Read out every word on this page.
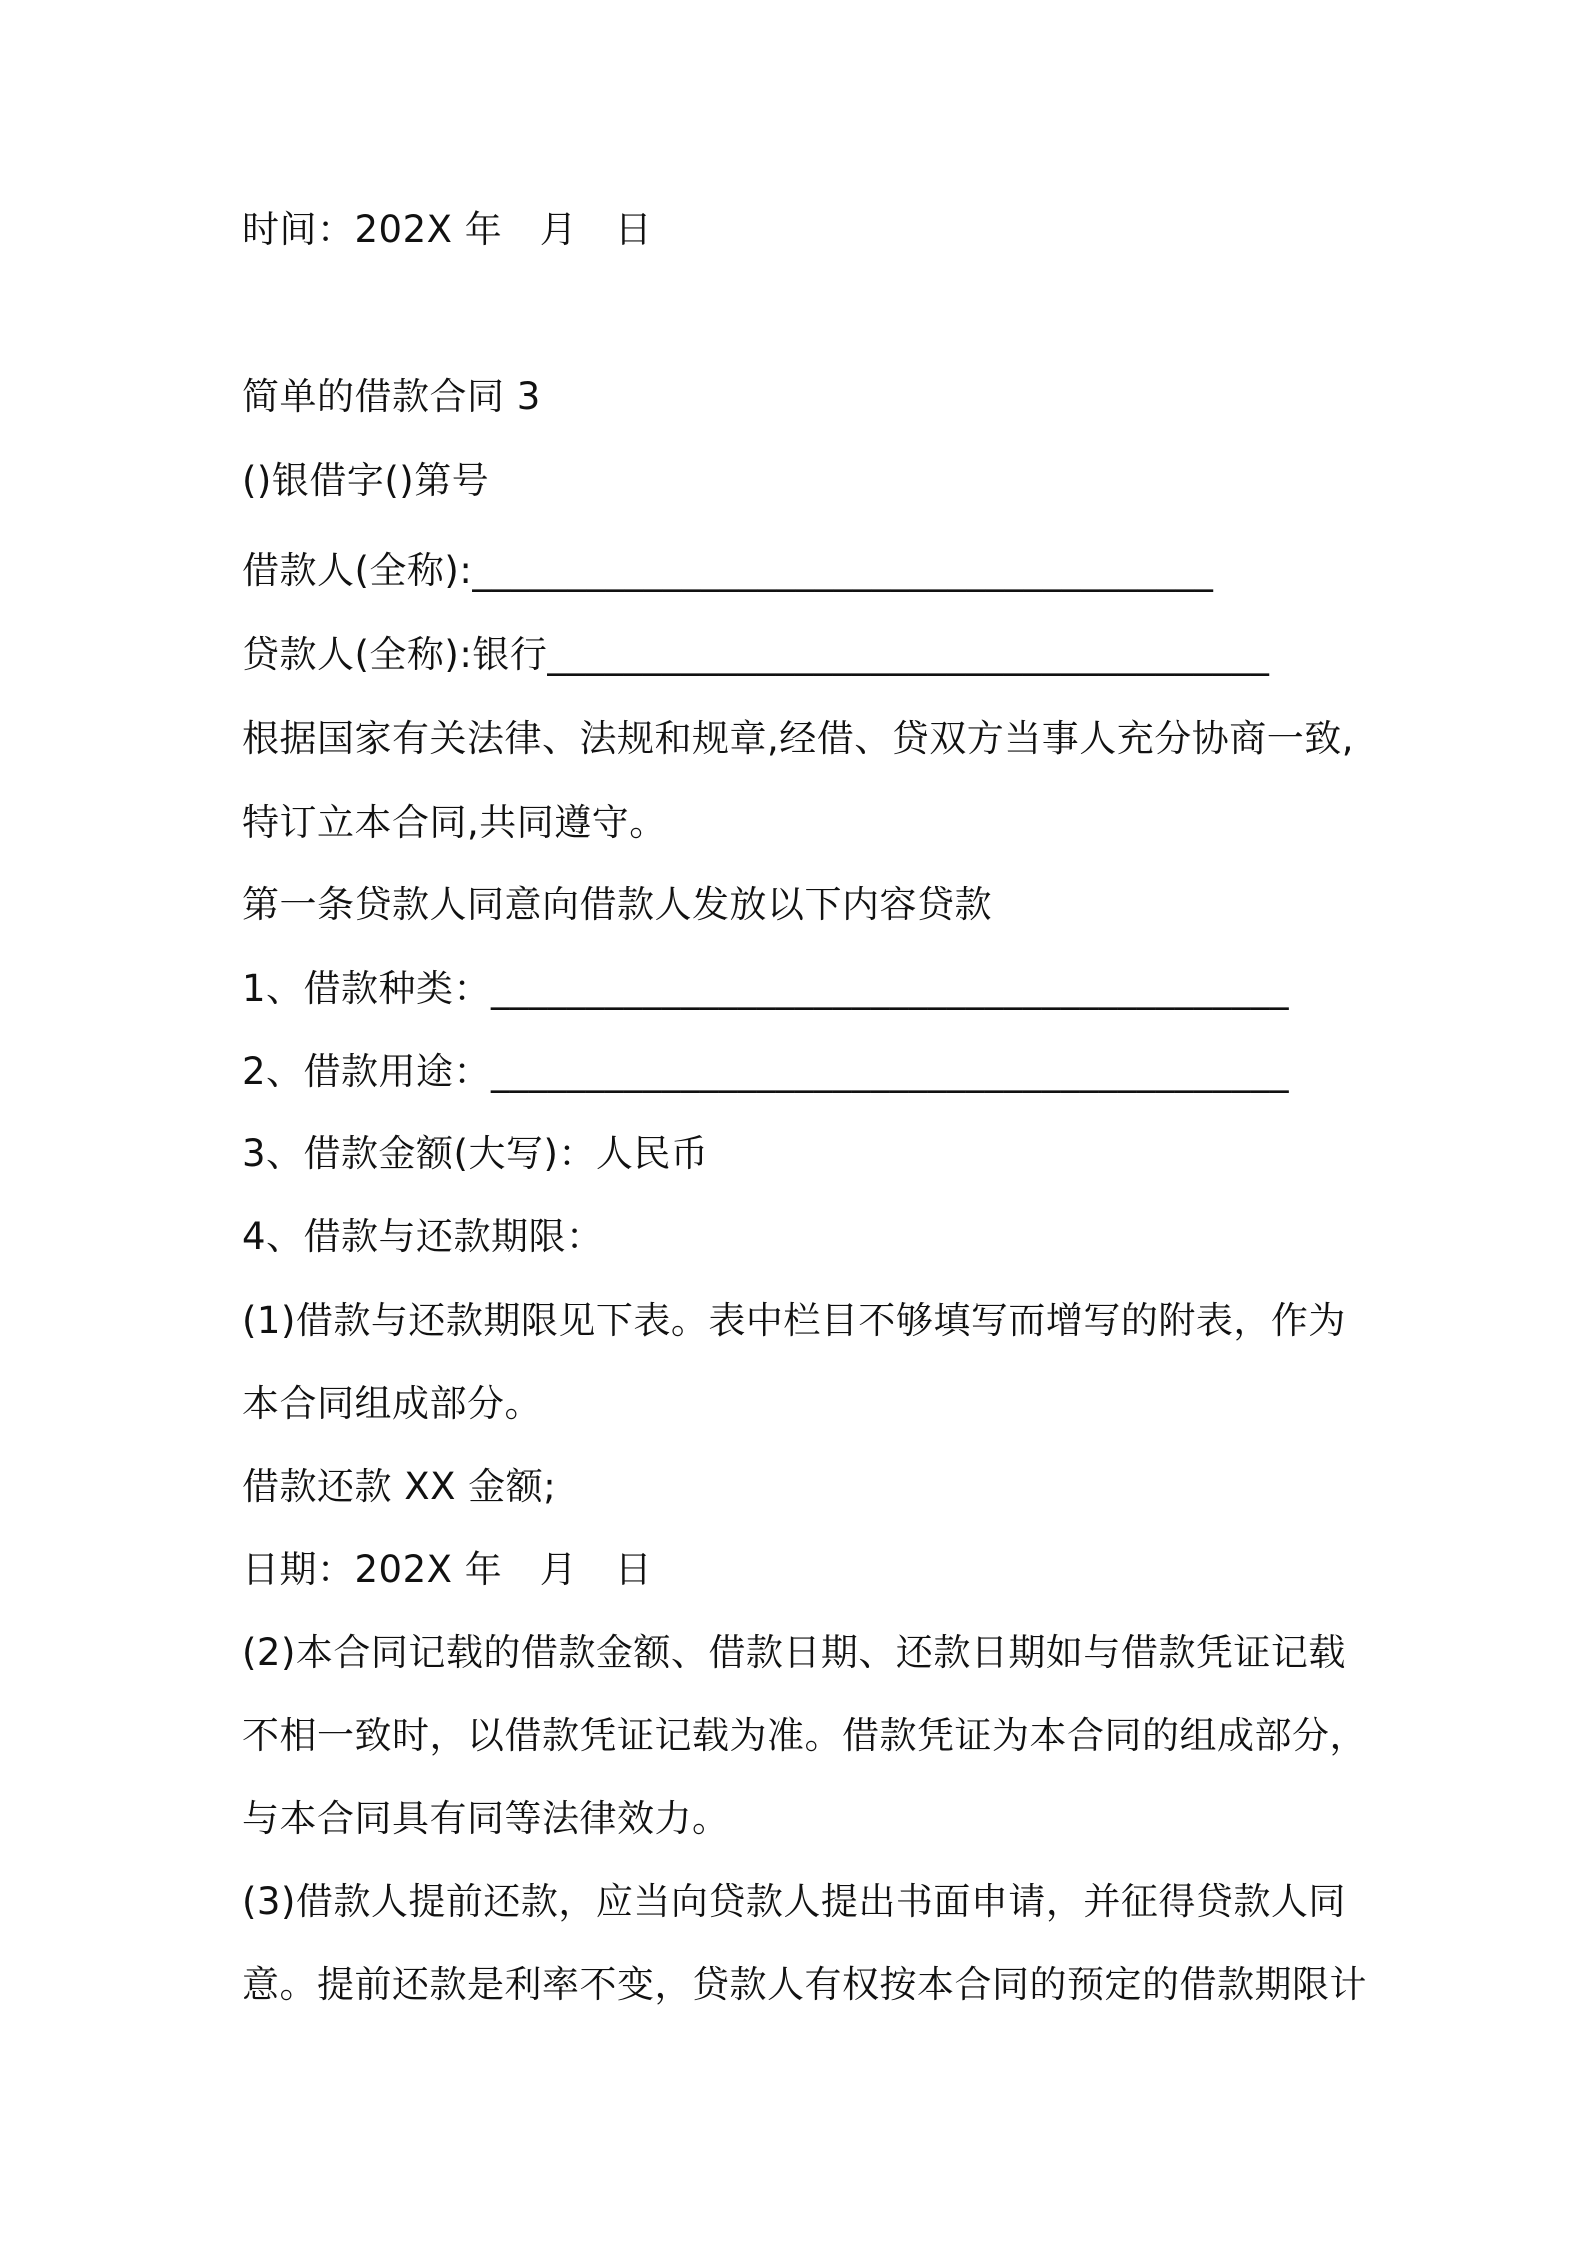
时间：202X 年　月　日
简单的借款合同 3
()银借字()第号
借款人(全称):_______________________________________
贷款人(全称):银行______________________________________
根据国家有关法律、法规和规章,经借、贷双方当事人充分协商一致,
特订立本合同,共同遵守。
第一条贷款人同意向借款人发放以下内容贷款
1、借款种类：__________________________________________
2、借款用途：__________________________________________
3、借款金额(大写)：人民币
4、借款与还款期限：
(1)借款与还款期限见下表。表中栏目不够填写而增写的附表，作为
本合同组成部分。
借款还款 XX 金额;
日期：202X 年　月　日
(2)本合同记载的借款金额、借款日期、还款日期如与借款凭证记载
不相一致时，以借款凭证记载为准。借款凭证为本合同的组成部分，
与本合同具有同等法律效力。
(3)借款人提前还款，应当向贷款人提出书面申请，并征得贷款人同
意。提前还款是利率不变，贷款人有权按本合同的预定的借款期限计
